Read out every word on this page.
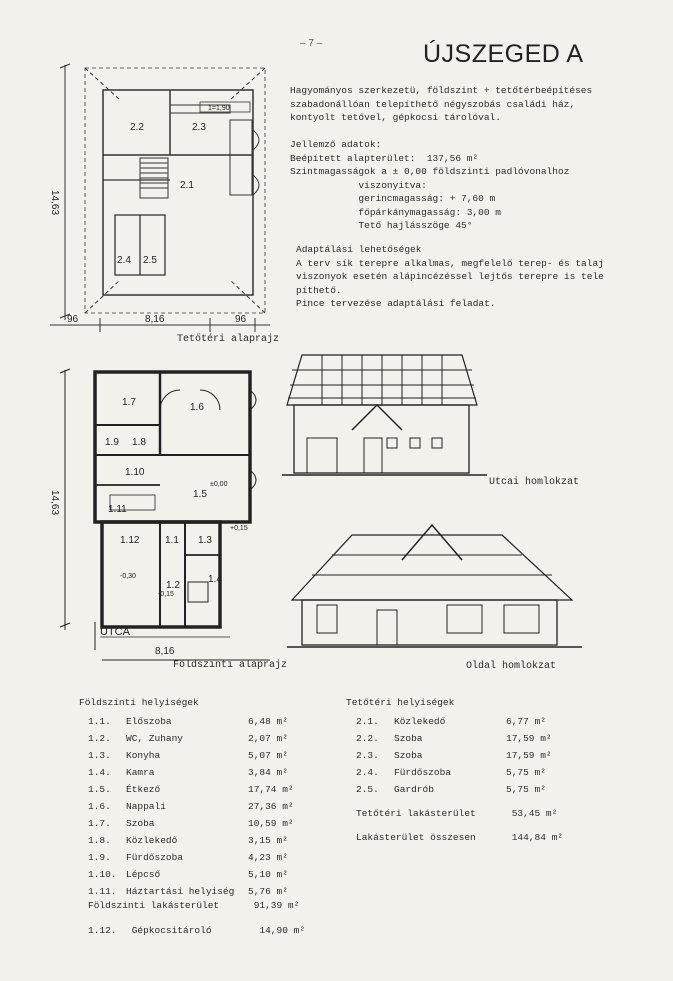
– 7 –	ÚJSZEGED A
Hagyományos szerkezetü, földszint + tetőtérbeépítéses
szabadonállóan telepíthető négyszobás családi ház,
kontyolt tetővel, gépkocsi tárolóval.
Jellemző adatok:
Beépített alapterület:  137,56 m²
Szintmagasságok a ± 0,00 földszinti padlóvonalhoz
viszonyitva:
gerincmagasság: + 7,60 m
főpárkánymagasság: 3,00 m
Tető hajlásszöge 45°
Adaptálási lehetőségek
A terv sík terepre alkalmas, megfelelő terep- és talaj
viszonyok esetén alápincézéssel lejtős terepre is tele
píthető.
Pince tervezése adaptálási feladat.
2.2	2.3
2.1
2.4 2.5
1=1,90
14,63
96	8,16	96
Tetőtéri alaprajz
1.7	1.6
1.9 1.8
1.10
1.5
1.11
1.12	1.1 1.3
1.2
1.4
±0,00
-0,30
+0,15
-0,15
14,63
UTCA
8,16
Földszinti alaprajz
Utcai homlokzat
Oldal homlokzat
Földszinti helyiségek
1.1.	Előszoba	6,48 m²
1.2.	WC, Zuhany	2,07 m²
1.3.	Konyha	5,07 m²
1.4.	Kamra	3,84 m²
1.5.	Étkező	17,74 m²
1.6.	Nappali	27,36 m²
1.7.	Szoba	10,59 m²
1.8.	Közlekedő	3,15 m²
1.9.	Fürdőszoba	4,23 m²
1.10.	Lépcső	5,10 m²
1.11.	Háztartási helyiség	5,76 m²
Földszinti lakásterület	91,39 m²
1.12. Gépkocsitároló	14,90 m²
Tetőtéri helyiségek
2.1.	Közlekedő	6,77 m²
2.2.	Szoba	17,59 m²
2.3.	Szoba	17,59 m²
2.4.	Fürdőszoba	5,75 m²
2.5.	Gardrób	5,75 m²
Tetőtéri lakásterület	53,45 m²
Lakásterület összesen	144,84 m²
